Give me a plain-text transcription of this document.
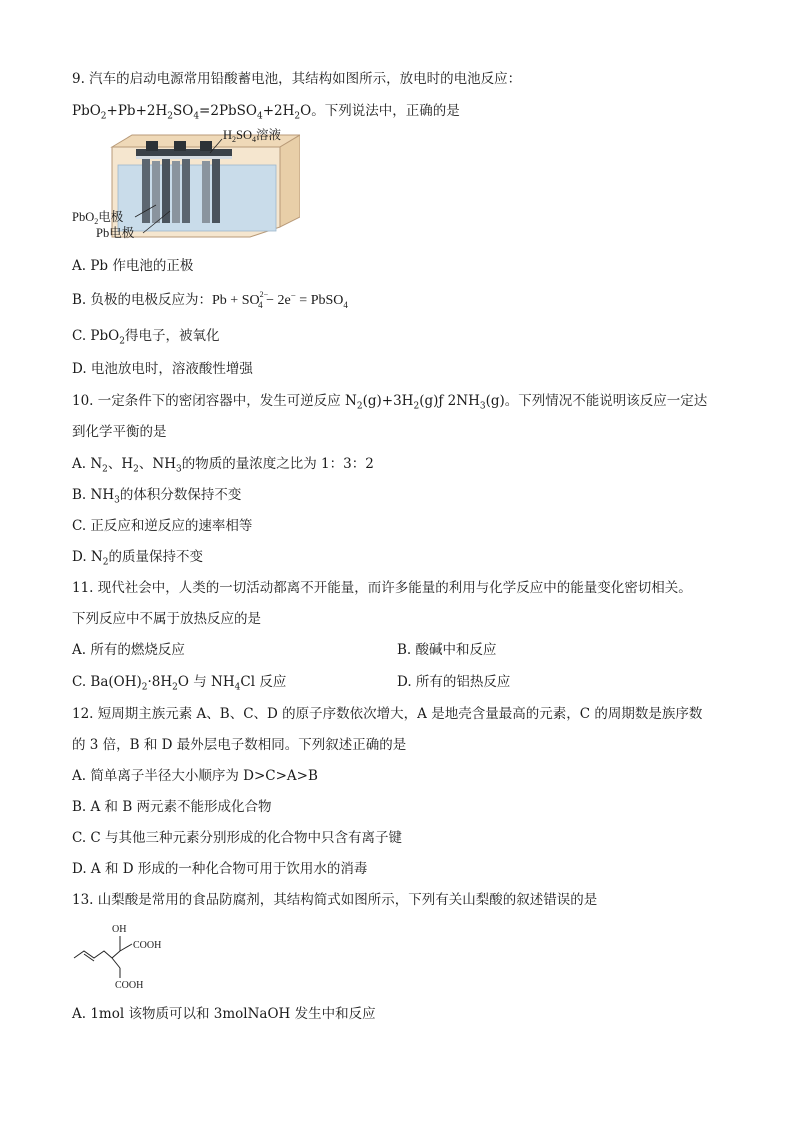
9. 汽车的启动电源常用铅酸蓄电池，其结构如图所示，放电时的电池反应：
$PbO_2+Pb+2H_2SO_4=2PbSO_4+2H_2O$。下列说法中，正确的是
$H_2SO_4$溶液
PbO$_2$电极
Pb电极
A. Pb 作电池的正极
B. 负极的电极反应为：$Pb + SO^{2-}_4 - 2e^-$ = PbSO$_4$
C. PbO$_2$得电子，被氧化
D. 电池放电时，溶液酸性增强
10. 一定条件下的密闭容器中，发生可逆反应 $N_2(g)+3H_2(g)ƒ$ $2NH_3(g)$。下列情况不能说明该反应一定达
到化学平衡的是
A. $N_2$、$H_2$、$NH_3$的物质的量浓度之比为 1：3：2
B. $NH_3$的体积分数保持不变
C. 正反应和逆反应的速率相等
D. $N_2$的质量保持不变
11. 现代社会中，人类的一切活动都离不开能量，而许多能量的利用与化学反应中的能量变化密切相关。
下列反应中不属于放热反应的是
A. 所有的燃烧反应	B. 酸碱中和反应
C. $Ba(OH)_2\cdot 8H_2O$ 与 $NH_4Cl$ 反应	D. 所有的铝热反应
12. 短周期主族元素 A、B、C、D 的原子序数依次增大，A 是地壳含量最高的元素，C 的周期数是族序数
的 3 倍，B 和 D 最外层电子数相同。下列叙述正确的是
A. 简单离子半径大小顺序为 D>C>A>B
B. A 和 B 两元素不能形成化合物
C. C 与其他三种元素分别形成的化合物中只含有离子键
D. A 和 D 形成的一种化合物可用于饮用水的消毒
13. 山梨酸是常用的食品防腐剂，其结构简式如图所示，下列有关山梨酸的叙述错误的是
OH
COOH
COOH
A. 1mol 该物质可以和 3molNaOH 发生中和反应
